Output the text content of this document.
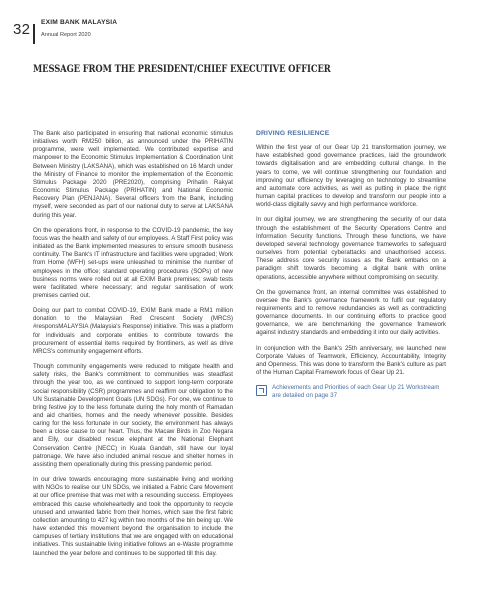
32 EXIM BANK MALAYSIA
Annual Report 2020
MESSAGE FROM THE PRESIDENT/CHIEF EXECUTIVE OFFICER

The Bank also participated in ensuring that national economic stimulus initiatives worth RM250 billion, as announced under the PRIHATIN programme, were well implemented. We contributed expertise and manpower to the Economic Stimulus Implementation & Coordination Unit Between Ministry (LAKSANA), which was established on 16 March under the Ministry of Finance to monitor the implementation of the Economic Stimulus Package 2020 (PRE2020), comprising Prihatin Rakyat Economic Stimulus Package (PRIHATIN) and National Economic Recovery Plan (PENJANA). Several officers from the Bank, including myself, were seconded as part of our national duty to serve at LAKSANA during this year.

On the operations front, in response to the COVID-19 pandemic, the key focus was the health and safety of our employees. A Staff First policy was initiated as the Bank implemented measures to ensure smooth business continuity. The Bank's IT infrastructure and facilities were upgraded; Work from Home (WFH) set-ups were unleashed to minimise the number of employees in the office; standard operating procedures (SOPs) of new business norms were rolled out at all EXIM Bank premises; swab tests were facilitated where necessary; and regular sanitisation of work premises carried out.

Doing our part to combat COVID-19, EXIM Bank made a RM1 million donation to the Malaysian Red Crescent Society (MRCS) #responsMALAYSIA (Malaysia's Response) initiative. This was a platform for individuals and corporate entities to contribute towards the procurement of essential items required by frontliners, as well as drive MRCS's community engagement efforts.

Though community engagements were reduced to mitigate health and safety risks, the Bank's commitment to communities was steadfast through the year too, as we continued to support long-term corporate social responsibility (CSR) programmes and reaffirm our obligation to the UN Sustainable Development Goals (UN SDGs). For one, we continue to bring festive joy to the less fortunate during the holy month of Ramadan and aid charities, homes and the needy whenever possible. Besides caring for the less fortunate in our society, the environment has always been a close cause to our heart. Thus, the Macaw Birds in Zoo Negara and Elly, our disabled rescue elephant at the National Elephant Conservation Centre (NECC) in Kuala Gandah, still have our loyal patronage. We have also included animal rescue and shelter homes in assisting them operationally during this pressing pandemic period.

In our drive towards encouraging more sustainable living and working with NGOs to realise our UN SDGs, we initiated a Fabric Care Movement at our office premise that was met with a resounding success. Employees embraced this cause wholeheartedly and took the opportunity to recycle unused and unwanted fabric from their homes, which saw the first fabric collection amounting to 427 kg within two months of the bin being up. We have extended this movement beyond the organisation to include the campuses of tertiary institutions that we are engaged with on educational initiatives. This sustainable living initiative follows an e-Waste programme launched the year before and continues to be supported till this day.

DRIVING RESILIENCE

Within the first year of our Gear Up 21 transformation journey, we have established good governance practices, laid the groundwork towards digitalisation and are embedding cultural change. In the years to come, we will continue strengthening our foundation and improving our efficiency by leveraging on technology to streamline and automate core activities, as well as putting in place the right human capital practices to develop and transform our people into a world-class digitally savvy and high performance workforce.

In our digital journey, we are strengthening the security of our data through the establishment of the Security Operations Centre and Information Security functions. Through these functions, we have developed several technology governance frameworks to safeguard ourselves from potential cyberattacks and unauthorised access. These address core security issues as the Bank embarks on a paradigm shift towards becoming a digital bank with online operations, accessible anywhere without compromising on security.

On the governance front, an internal committee was established to oversee the Bank's governance framework to fulfil our regulatory requirements and to remove redundancies as well as contradicting governance documents. In our continuing efforts to practice good governance, we are benchmarking the governance framework against industry standards and embedding it into our daily activities.

In conjunction with the Bank's 25th anniversary, we launched new Corporate Values of Teamwork, Efficiency, Accountability, Integrity and Openness. This was done to transform the Bank's culture as part of the Human Capital Framework focus of Gear Up 21.

Achievements and Priorities of each Gear Up 21 Workstream are detailed on page 37
